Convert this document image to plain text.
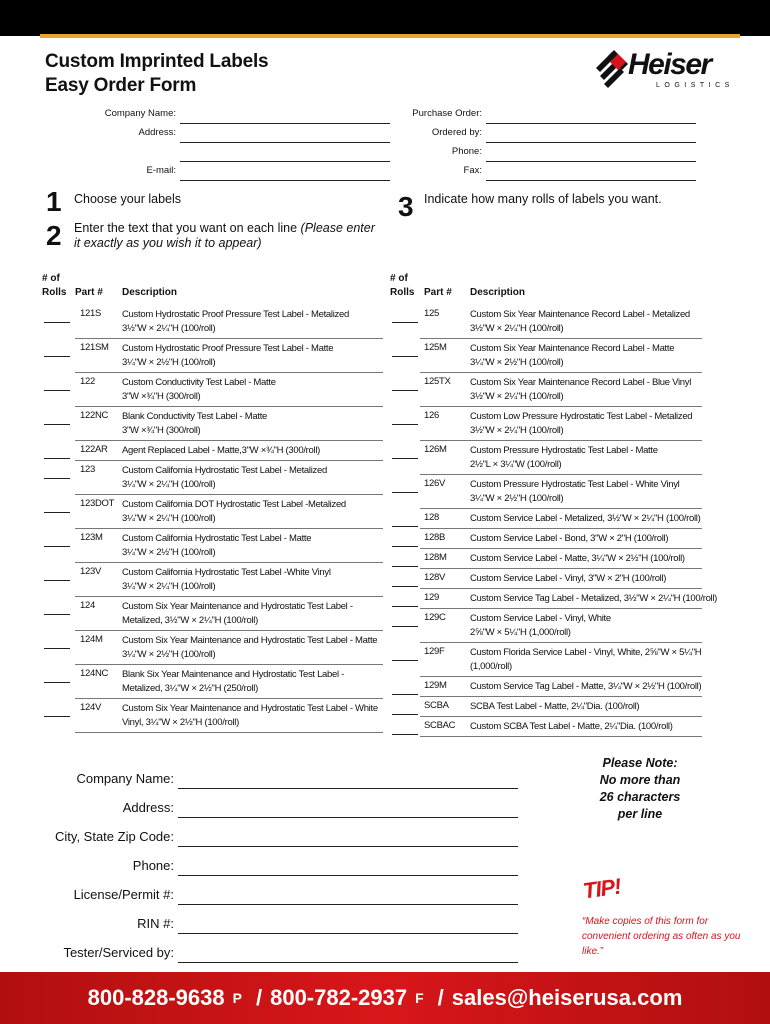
Custom Imprinted Labels
Easy Order Form
Heiser
LOGISTICS
Company Name:
Address:
E-mail:
Purchase Order:
Ordered by:
Phone:
Fax:
1 Choose your labels
2 Enter the text that you want on each line (Please enter it exactly as you wish it to appear)
3 Indicate how many rolls of labels you want.
# of
Rolls Part # Description
# of
Rolls Part # Description
121S Custom Hydrostatic Proof Pressure Test Label - Metalized
3½"W × 2¼"H (100/roll)
121SM Custom Hydrostatic Proof Pressure Test Label - Matte
3¼"W × 2½"H (100/roll)
122	Custom Conductivity Test Label - Matte
3"W ×¾"H (300/roll)
122NC Blank Conductivity Test Label - Matte
3"W ×¾"H (300/roll)
122AR Agent Replaced Label - Matte,3"W ×¾"H (300/roll)
123	Custom California Hydrostatic Test Label - Metalized
3¼"W × 2¼"H (100/roll)
123DOT Custom California DOT Hydrostatic Test Label -Metalized
3¼"W × 2¼"H (100/roll)
123M Custom California Hydrostatic Test Label - Matte
3¼"W × 2½"H (100/roll)
123V Custom California Hydrostatic Test Label -White Vinyl
3¼"W × 2¼"H (100/roll)
124	Custom Six Year Maintenance and Hydrostatic Test Label -
Metalized, 3½"W × 2¼"H (100/roll)
124M Custom Six Year Maintenance and Hydrostatic Test Label - Matte
3¼"W × 2½"H (100/roll)
124NC Blank Six Year Maintenance and Hydrostatic Test Label -
Metalized, 3¼"W × 2½"H (250/roll)
124V Custom Six Year Maintenance and Hydrostatic Test Label - White
Vinyl, 3¼"W × 2½"H (100/roll)
125	Custom Six Year Maintenance Record Label - Metalized
3½"W × 2¼"H (100/roll)
125M Custom Six Year Maintenance Record Label - Matte
3¼"W × 2½"H (100/roll)
125TX Custom Six Year Maintenance Record Label - Blue Vinyl
3½"W × 2¼"H (100/roll)
126	Custom Low Pressure Hydrostatic Test Label - Metalized
3½"W × 2¼"H (100/roll)
126M Custom Pressure Hydrostatic Test Label - Matte
2½"L × 3¼"W (100/roll)
126V	Custom Pressure Hydrostatic Test Label - White Vinyl
3¼"W × 2½"H (100/roll)
128	Custom Service Label - Metalized, 3½"W × 2¼"H (100/roll)
128B	Custom Service Label - Bond, 3"W × 2"H (100/roll)
128M Custom Service Label - Matte, 3¼"W × 2½"H (100/roll)
128V	Custom Service Label - Vinyl, 3"W × 2"H (100/roll)
129	Custom Service Tag Label - Metalized, 3½"W × 2¼"H (100/roll)
129C	Custom Service Label - Vinyl, White
2⅝"W × 5¼"H (1,000/roll)
129F	Custom Florida Service Label - Vinyl, White, 2⅝"W × 5¼"H
(1,000/roll)
129M Custom Service Tag Label - Matte, 3¼"W × 2½"H (100/roll)
SCBA SCBA Test Label - Matte, 2¼"Dia. (100/roll)
SCBAC Custom SCBA Test Label - Matte, 2¼"Dia. (100/roll)
Company Name:
Address:
City, State Zip Code:
Phone:
License/Permit #:
RIN #:
Tester/Serviced by:
Please Note:
No more than
26 characters
per line
TIP!
“Make copies of this form for convenient ordering as often as you like.”
800-828-9638 P / 800-782-2937 F / sales@heiserusa.com
